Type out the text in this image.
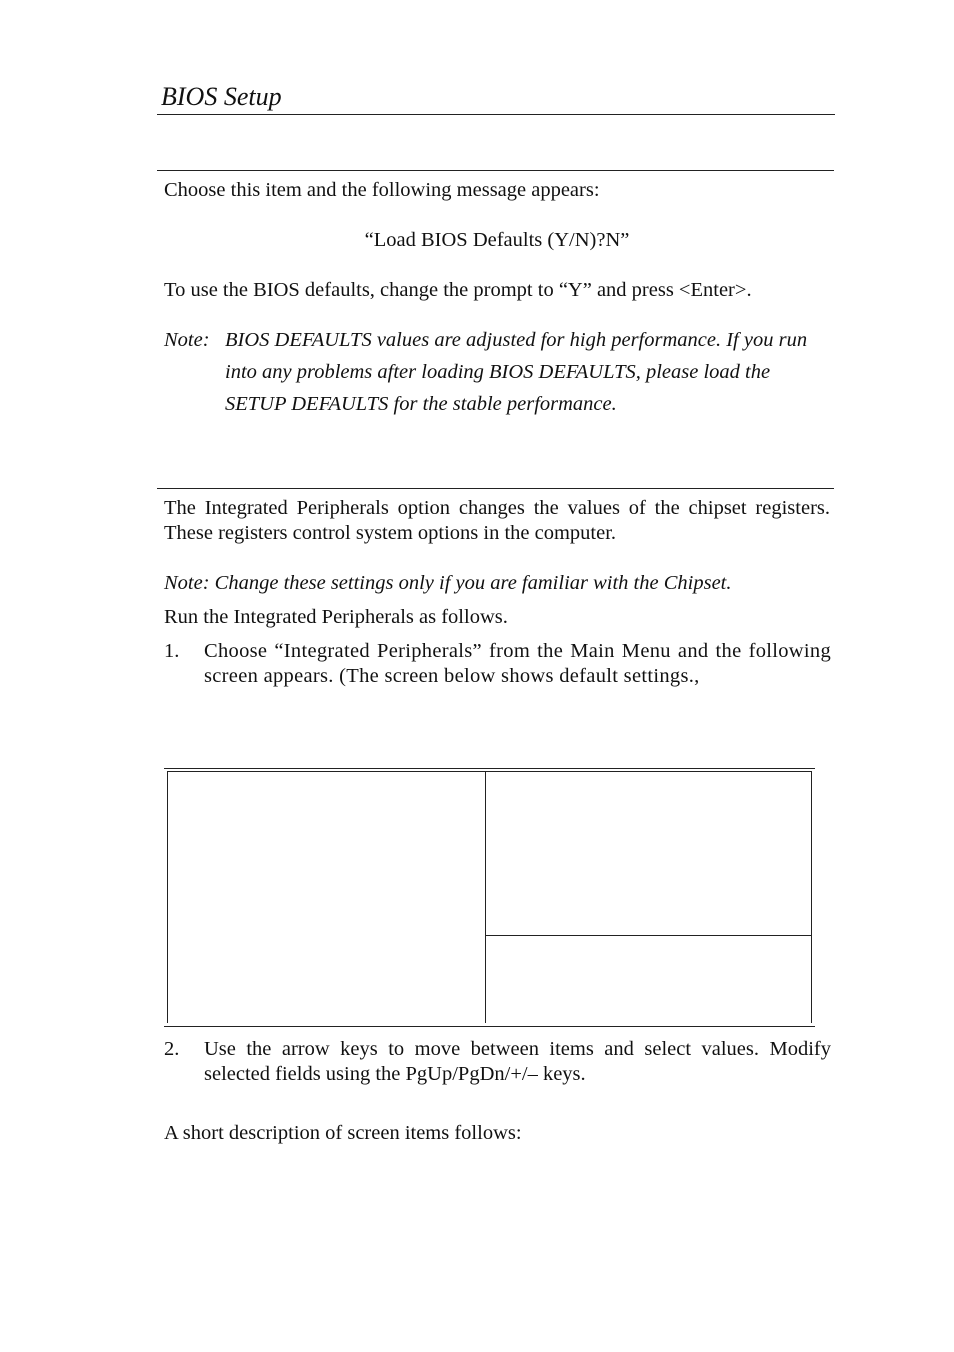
BIOS Setup
Choose this item and the following message appears:
“Load BIOS Defaults (Y/N)?N”
To use the BIOS defaults, change the prompt to “Y” and press <Enter>.
Note: BIOS DEFAULTS values are adjusted for high performance. If you run into any problems after loading BIOS DEFAULTS, please load the SETUP DEFAULTS for the stable performance.
The Integrated Peripherals option changes the values of the chipset registers. These registers control system options in the computer.
Note: Change these settings only if you are familiar with the Chipset.
Run the Integrated Peripherals as follows.
1. Choose “Integrated Peripherals” from the Main Menu and the following screen appears. (The screen below shows default settings.,
2. Use the arrow keys to move between items and select values. Modify selected fields using the PgUp/PgDn/+/– keys.
A short description of screen items follows:
